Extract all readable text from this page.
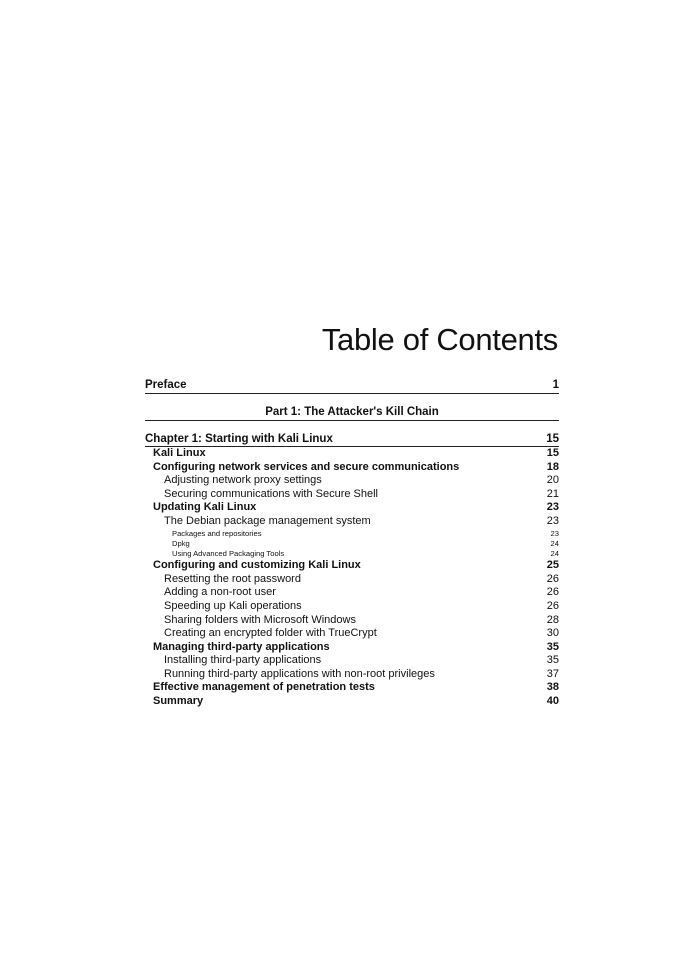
Table of Contents
Preface	1
Part 1: The Attacker's Kill Chain
Chapter 1: Starting with Kali Linux	15
Kali Linux	15
Configuring network services and secure communications	18
Adjusting network proxy settings	20
Securing communications with Secure Shell	21
Updating Kali Linux	23
The Debian package management system	23
Packages and repositories	23
Dpkg	24
Using Advanced Packaging Tools	24
Configuring and customizing Kali Linux	25
Resetting the root password	26
Adding a non-root user	26
Speeding up Kali operations	26
Sharing folders with Microsoft Windows	28
Creating an encrypted folder with TrueCrypt	30
Managing third-party applications	35
Installing third-party applications	35
Running third-party applications with non-root privileges	37
Effective management of penetration tests	38
Summary	40
